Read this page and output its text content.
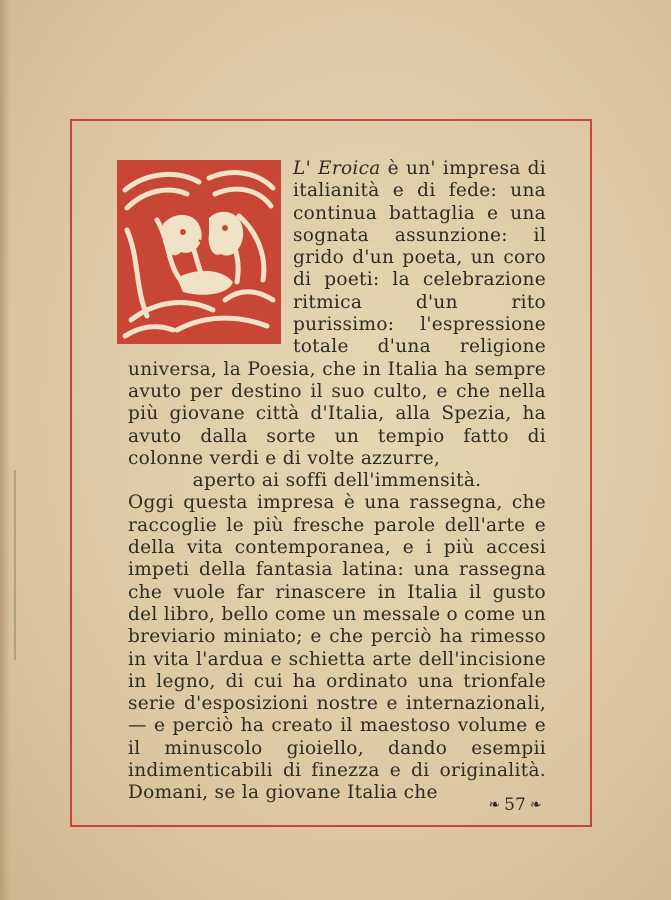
L' Eroica è un' impresa di italianità e di fede: una continua battaglia e una sognata assunzione: il grido d'un poeta, un coro di poeti: la celebrazione ritmica d'un rito purissimo: l'espressione totale d'una religione universa, la Poesia, che in Italia ha sempre avuto per destino il suo culto, e che nella più giovane città d'Italia, alla Spezia, ha avuto dalla sorte un tempio fatto di colonne verdi e di volte azzurre,

aperto ai soffi dell'immensità.

Oggi questa impresa è una rassegna, che raccoglie le più fresche parole dell'arte e della vita contemporanea, e i più accesi impeti della fantasia latina: una rassegna che vuole far rinascere in Italia il gusto del libro, bello come un messale o come un breviario miniato; e che perciò ha rimesso in vita l'ardua e schietta arte dell'incisione in legno, di cui ha ordinato una trionfale serie d'esposizioni nostre e internazionali, — e perciò ha creato il maestoso volume e il minuscolo gioiello, dando esempii indimenticabili di finezza e di originalità. Domani, se la giovane Italia che

❧ 57 ❧
